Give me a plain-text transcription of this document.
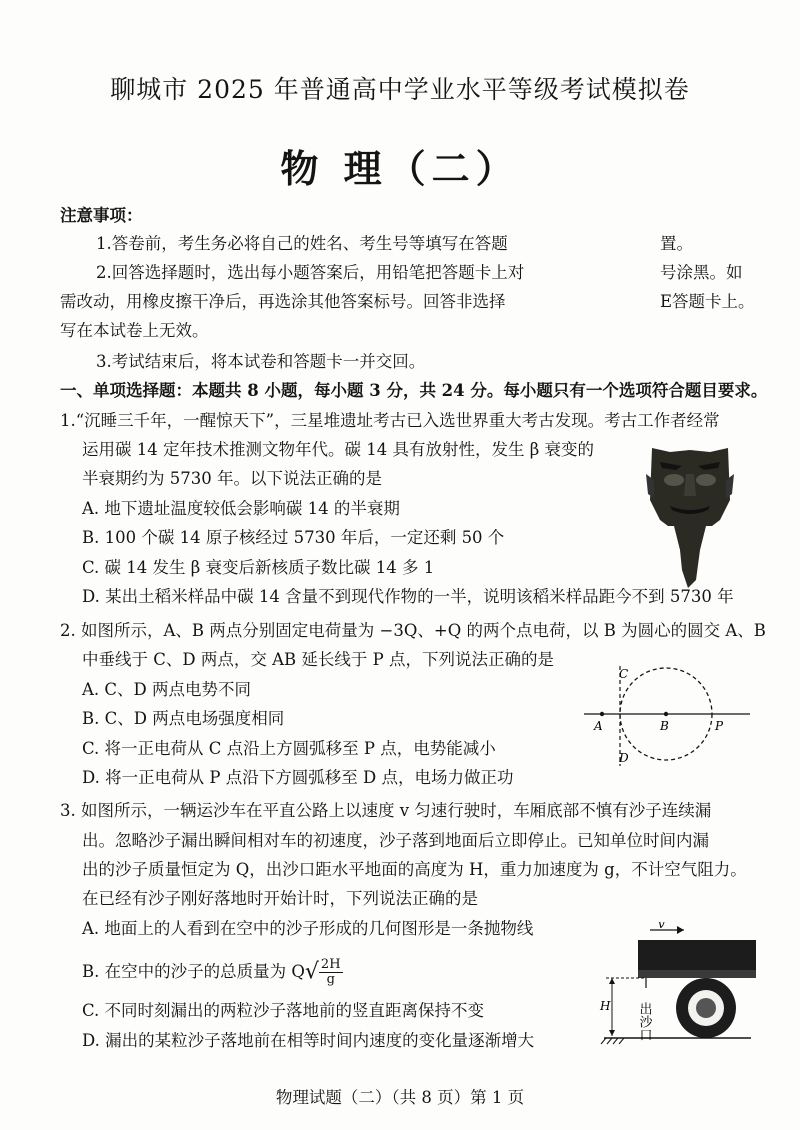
聊城市 2025 年普通高中学业水平等级考试模拟卷
物 理（二）
注意事项：
1.答卷前，考生务必将自己的姓名、考生号等填写在答题	置。
2.回答选择题时，选出每小题答案后，用铅笔把答题卡上对	号涂黑。如
需改动，用橡皮擦干净后，再选涂其他答案标号。回答非选择	E答题卡上。
写在本试卷上无效。
3.考试结束后，将本试卷和答题卡一并交回。
一、单项选择题：本题共 8 小题，每小题 3 分，共 24 分。每小题只有一个选项符合题目要求。
1.“沉睡三千年，一醒惊天下”，三星堆遗址考古已入选世界重大考古发现。考古工作者经常
运用碳 14 定年技术推测文物年代。碳 14 具有放射性，发生 β 衰变的
半衰期约为 5730 年。以下说法正确的是
A. 地下遗址温度较低会影响碳 14 的半衰期
B. 100 个碳 14 原子核经过 5730 年后，一定还剩 50 个
C. 碳 14 发生 β 衰变后新核质子数比碳 14 多 1
D. 某出土稻米样品中碳 14 含量不到现代作物的一半，说明该稻米样品距今不到 5730 年
2. 如图所示，A、B 两点分别固定电荷量为 −3Q、+Q 的两个点电荷，以 B 为圆心的圆交 A、B
中垂线于 C、D 两点，交 AB 延长线于 P 点，下列说法正确的是
A. C、D 两点电势不同
B. C、D 两点电场强度相同
C. 将一正电荷从 C 点沿上方圆弧移至 P 点，电势能减小
D. 将一正电荷从 P 点沿下方圆弧移至 D 点，电场力做正功
A	B	P
C
D
3. 如图所示，一辆运沙车在平直公路上以速度 v 匀速行驶时，车厢底部不慎有沙子连续漏
出。忽略沙子漏出瞬间相对车的初速度，沙子落到地面后立即停止。已知单位时间内漏
出的沙子质量恒定为 Q，出沙口距水平地面的高度为 H，重力加速度为 g，不计空气阻力。
在已经有沙子刚好落地时开始计时，下列说法正确的是
A. 地面上的人看到在空中的沙子形成的几何图形是一条抛物线
B. 在空中的沙子的总质量为 $Q√ \frac{2H}{g}$
C. 不同时刻漏出的两粒沙子落地前的竖直距离保持不变
D. 漏出的某粒沙子落地前在相等时间内速度的变化量逐渐增大
v
H 出沙口
物理试题（二）（共 8 页）第 1 页
